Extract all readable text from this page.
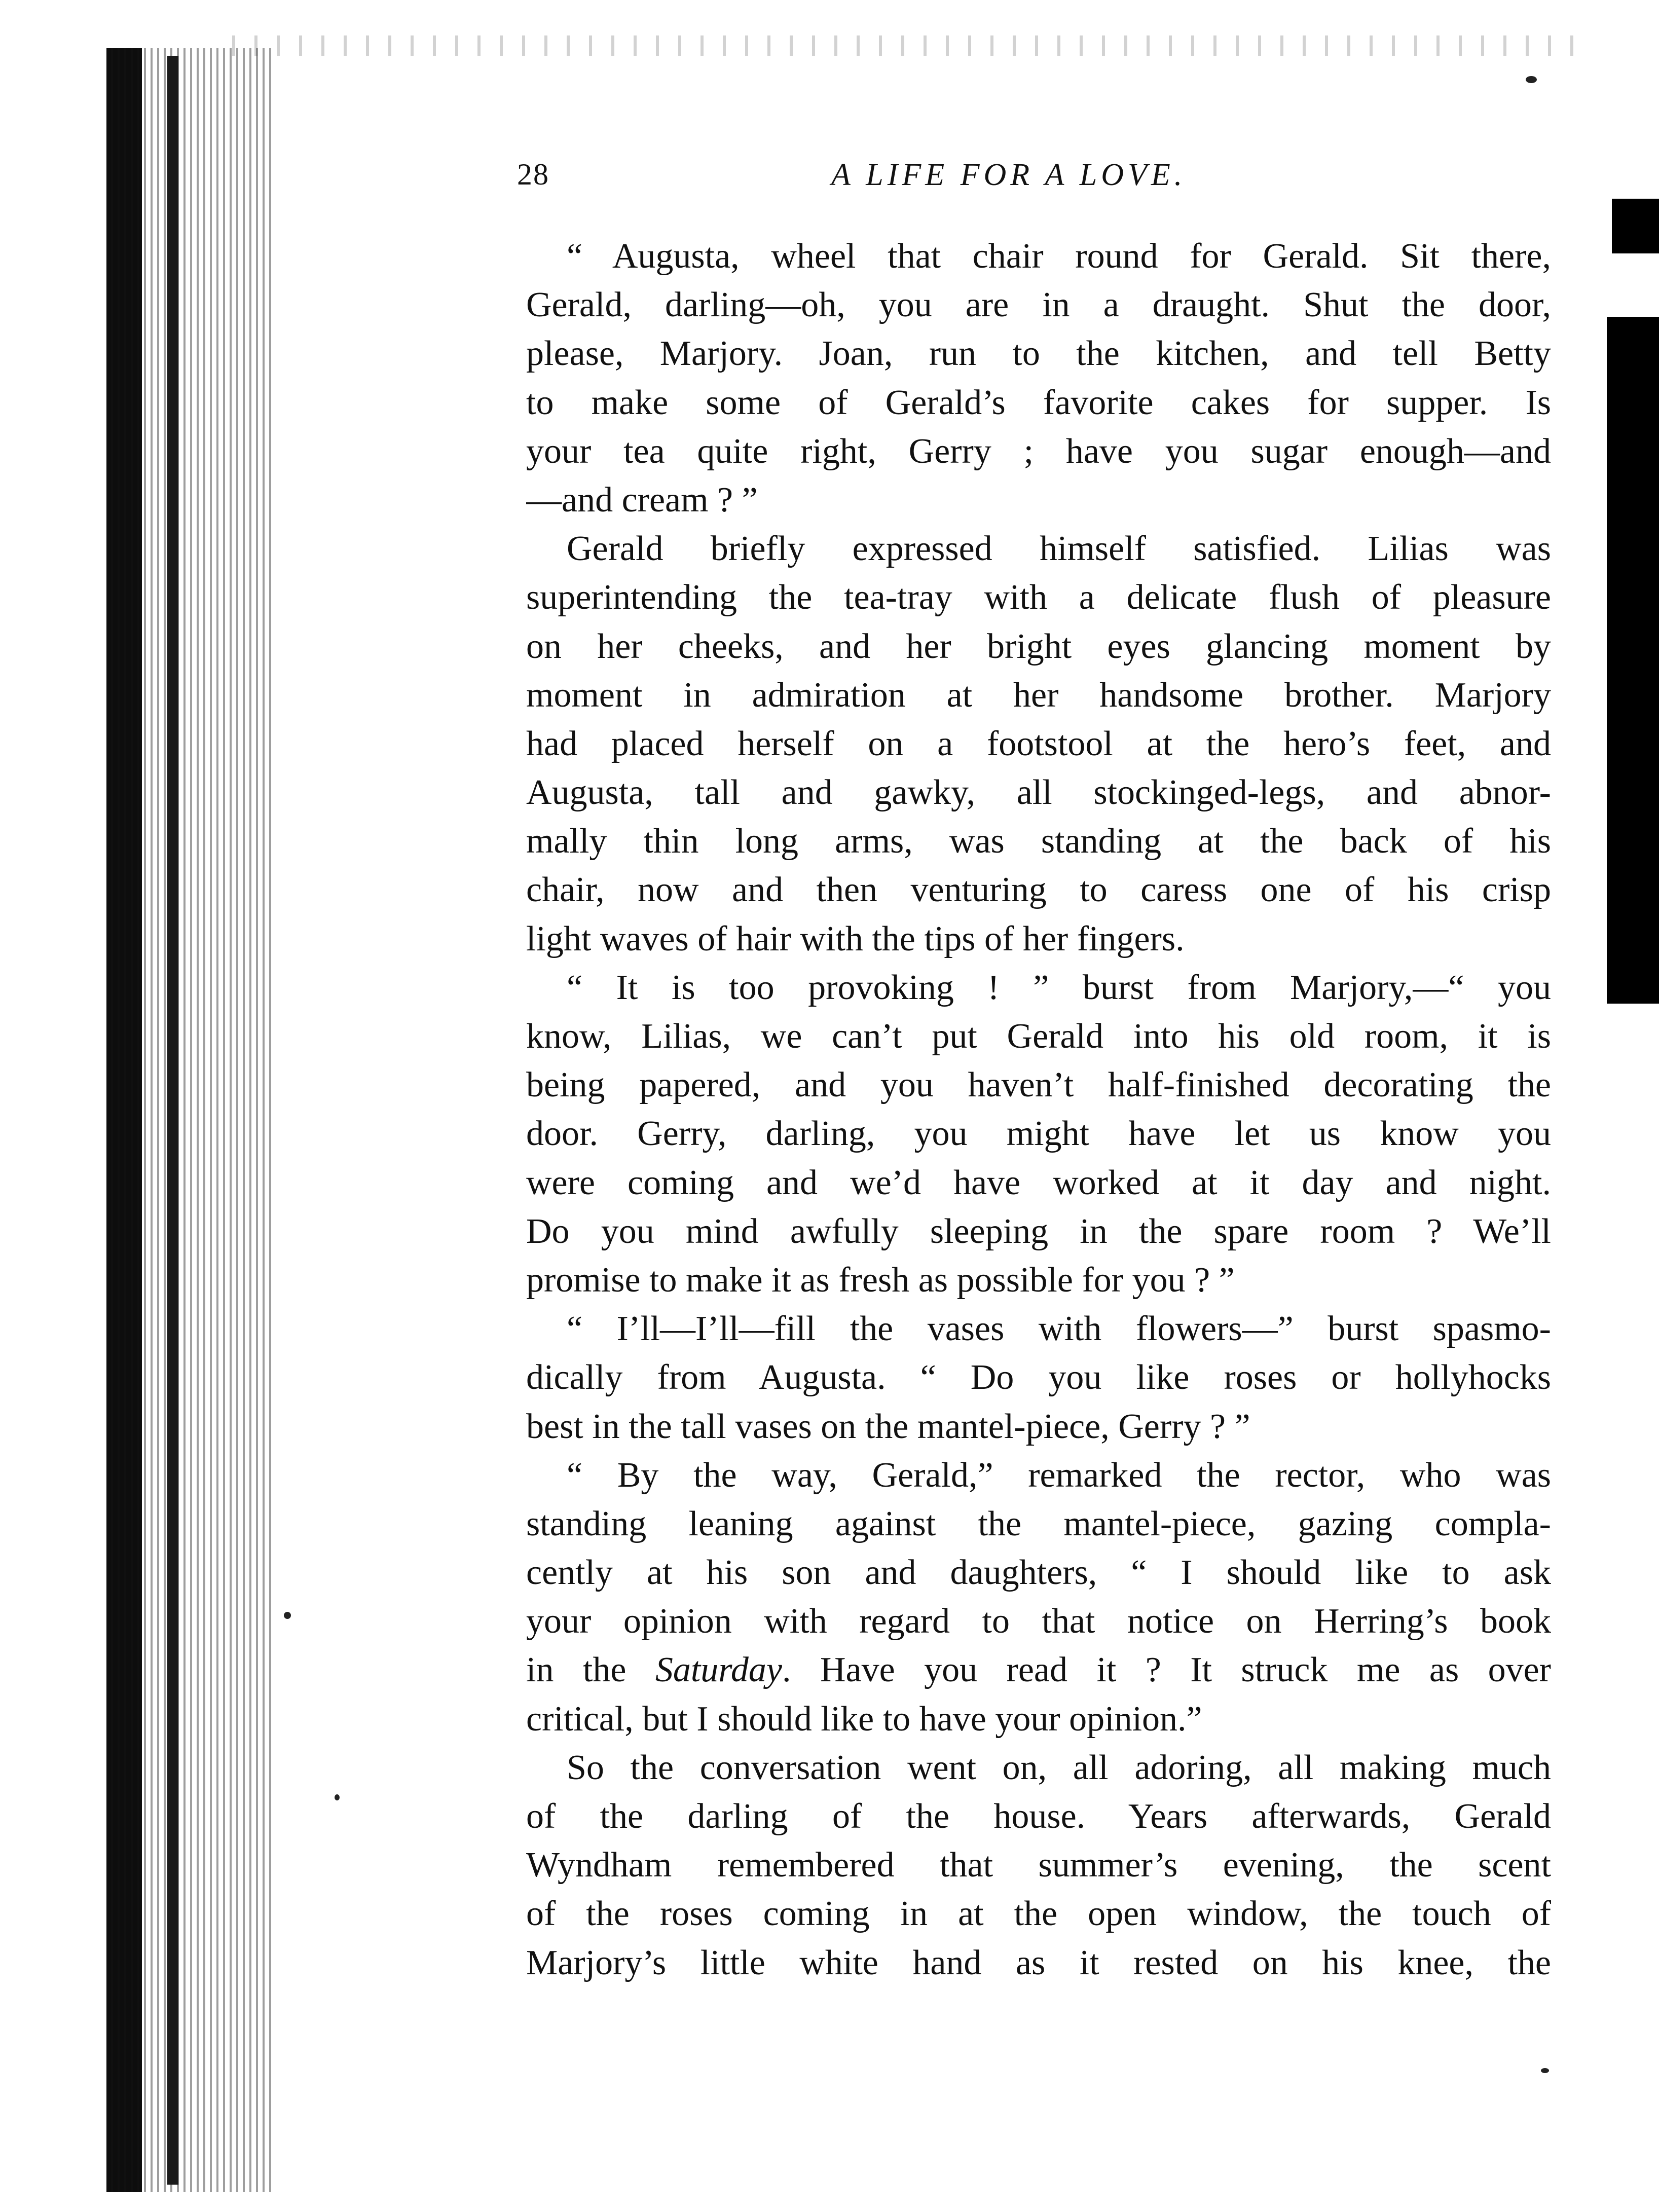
28	A LIFE FOR A LOVE.
“ Augusta, wheel that chair round for Gerald. Sit there,
Gerald, darling—oh, you are in a draught. Shut the door,
please, Marjory. Joan, run to the kitchen, and tell Betty
to make some of Gerald’s favorite cakes for supper. Is
your tea quite right, Gerry ; have you sugar enough—and
—and cream ? ”
Gerald briefly expressed himself satisfied. Lilias was
superintending the tea-tray with a delicate flush of pleasure
on her cheeks, and her bright eyes glancing moment by
moment in admiration at her handsome brother. Marjory
had placed herself on a footstool at the hero’s feet, and
Augusta, tall and gawky, all stockinged-legs, and abnor-
mally thin long arms, was standing at the back of his
chair, now and then venturing to caress one of his crisp
light waves of hair with the tips of her fingers.
“ It is too provoking ! ” burst from Marjory,—“ you
know, Lilias, we can’t put Gerald into his old room, it is
being papered, and you haven’t half-finished decorating the
door. Gerry, darling, you might have let us know you
were coming and we’d have worked at it day and night.
Do you mind awfully sleeping in the spare room ? We’ll
promise to make it as fresh as possible for you ? ”
“ I’ll—I’ll—fill the vases with flowers—” burst spasmo-
dically from Augusta. “ Do you like roses or hollyhocks
best in the tall vases on the mantel-piece, Gerry ? ”
“ By the way, Gerald,” remarked the rector, who was
standing leaning against the mantel-piece, gazing compla-
cently at his son and daughters, “ I should like to ask
your opinion with regard to that notice on Herring’s book
in the Saturday. Have you read it ? It struck me as over
critical, but I should like to have your opinion.”
So the conversation went on, all adoring, all making much
of the darling of the house. Years afterwards, Gerald
Wyndham remembered that summer’s evening, the scent
of the roses coming in at the open window, the touch of
Marjory’s little white hand as it rested on his knee, the
